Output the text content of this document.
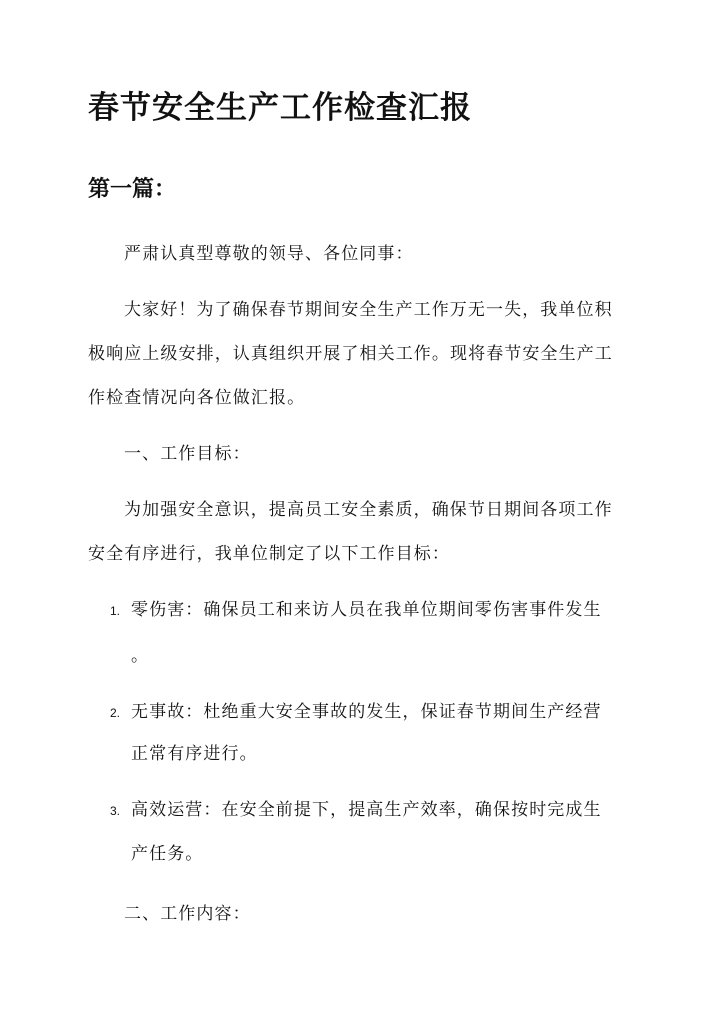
春节安全生产工作检查汇报
第一篇：
严肃认真型尊敬的领导、各位同事：
大家好！为了确保春节期间安全生产工作万无一失，我单位积
极响应上级安排，认真组织开展了相关工作。现将春节安全生产工
作检查情况向各位做汇报。
一、工作目标：
为加强安全意识，提高员工安全素质，确保节日期间各项工作
安全有序进行，我单位制定了以下工作目标：
1. 零伤害：确保员工和来访人员在我单位期间零伤害事件发生
。
2. 无事故：杜绝重大安全事故的发生，保证春节期间生产经营
正常有序进行。
3. 高效运营：在安全前提下，提高生产效率，确保按时完成生
产任务。
二、工作内容：
